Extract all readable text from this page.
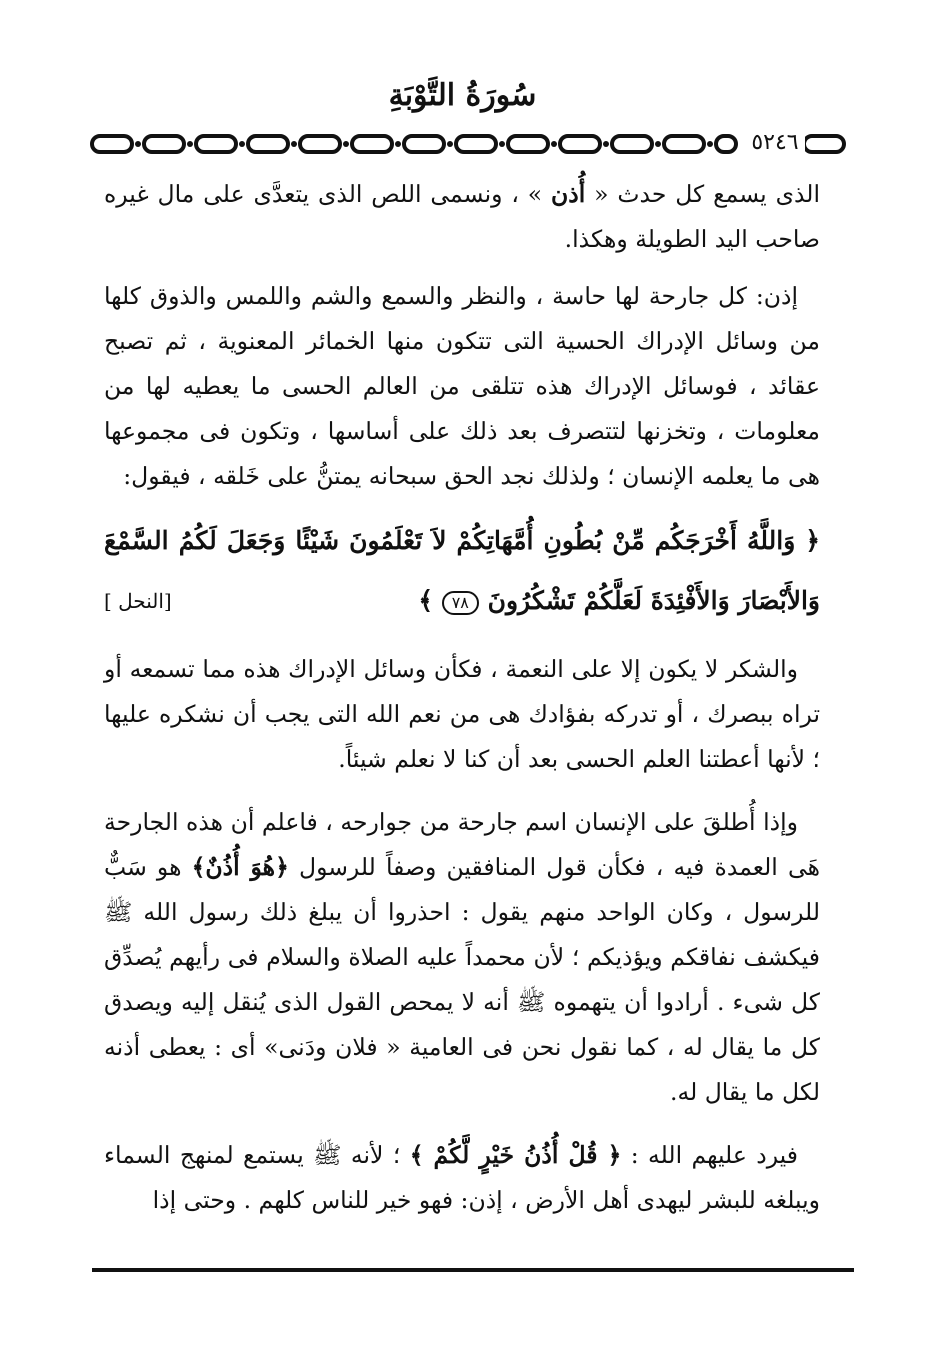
سُورَةُ التَّوْبَةِ
٥٢٤٦

الذى يسمع كل حدث « أُذن » ، ونسمى اللص الذى يتعدَّى على مال غيره صاحب اليد الطويلة وهكذا.

إذن: كل جارحة لها حاسة ، والنظر والسمع والشم واللمس والذوق كلها من وسائل الإدراك الحسية التى تتكون منها الخمائر المعنوية ، ثم تصبح عقائد ، فوسائل الإدراك هذه تتلقى من العالم الحسى ما يعطيه لها من معلومات ، وتخزنها لتتصرف بعد ذلك على أساسها ، وتكون فى مجموعها هى ما يعلمه الإنسان ؛ ولذلك نجد الحق سبحانه يمتنُّ على خَلقه ، فيقول:

﴿ وَاللَّهُ أَخْرَجَكُم مِّنْ بُطُونِ أُمَّهَاتِكُمْ لاَ تَعْلَمُونَ شَيْئًا وَجَعَلَ لَكُمُ السَّمْعَ
وَالأَبْصَارَ وَالأَفْئِدَةَ لَعَلَّكُمْ تَشْكُرُونَ ٧٨ ﴾
[النحل ]

والشكر لا يكون إلا على النعمة ، فكأن وسائل الإدراك هذه مما تسمعه أو تراه ببصرك ، أو تدركه بفؤادك هى من نعم الله التى يجب أن نشكره عليها ؛ لأنها أعطتنا العلم الحسى بعد أن كنا لا نعلم شيئاً.

وإذا أُطلقَ على الإنسان اسم جارحة من جوارحه ، فاعلم أن هذه الجارحة هَى العمدة فيه ، فكأن قول المنافقين وصفاً للرسول ﴿هُوَ أُذُنٌ﴾ هو سَبٌّ للرسول ، وكان الواحد منهم يقول : احذروا أن يبلغ ذلك رسول الله ﷺ فيكشف نفاقكم ويؤذيكم ؛ لأن محمداً عليه الصلاة والسلام فى رأيهم يُصدِّق كل شىء . أرادوا أن يتهموه ﷺ أنه لا يمحص القول الذى يُنقل إليه ويصدق كل ما يقال له ، كما نقول نحن فى العامية « فلان ودَنى» أى : يعطى أذنه لكل ما يقال له.

فيرد عليهم الله : ﴿ قُلْ أُذُنُ خَيْرٍ لَّكُمْ ﴾ ؛ لأنه ﷺ يستمع لمنهج السماء ويبلغه للبشر ليهدى أهل الأرض ، إذن: فهو خير للناس كلهم . وحتى إذا
